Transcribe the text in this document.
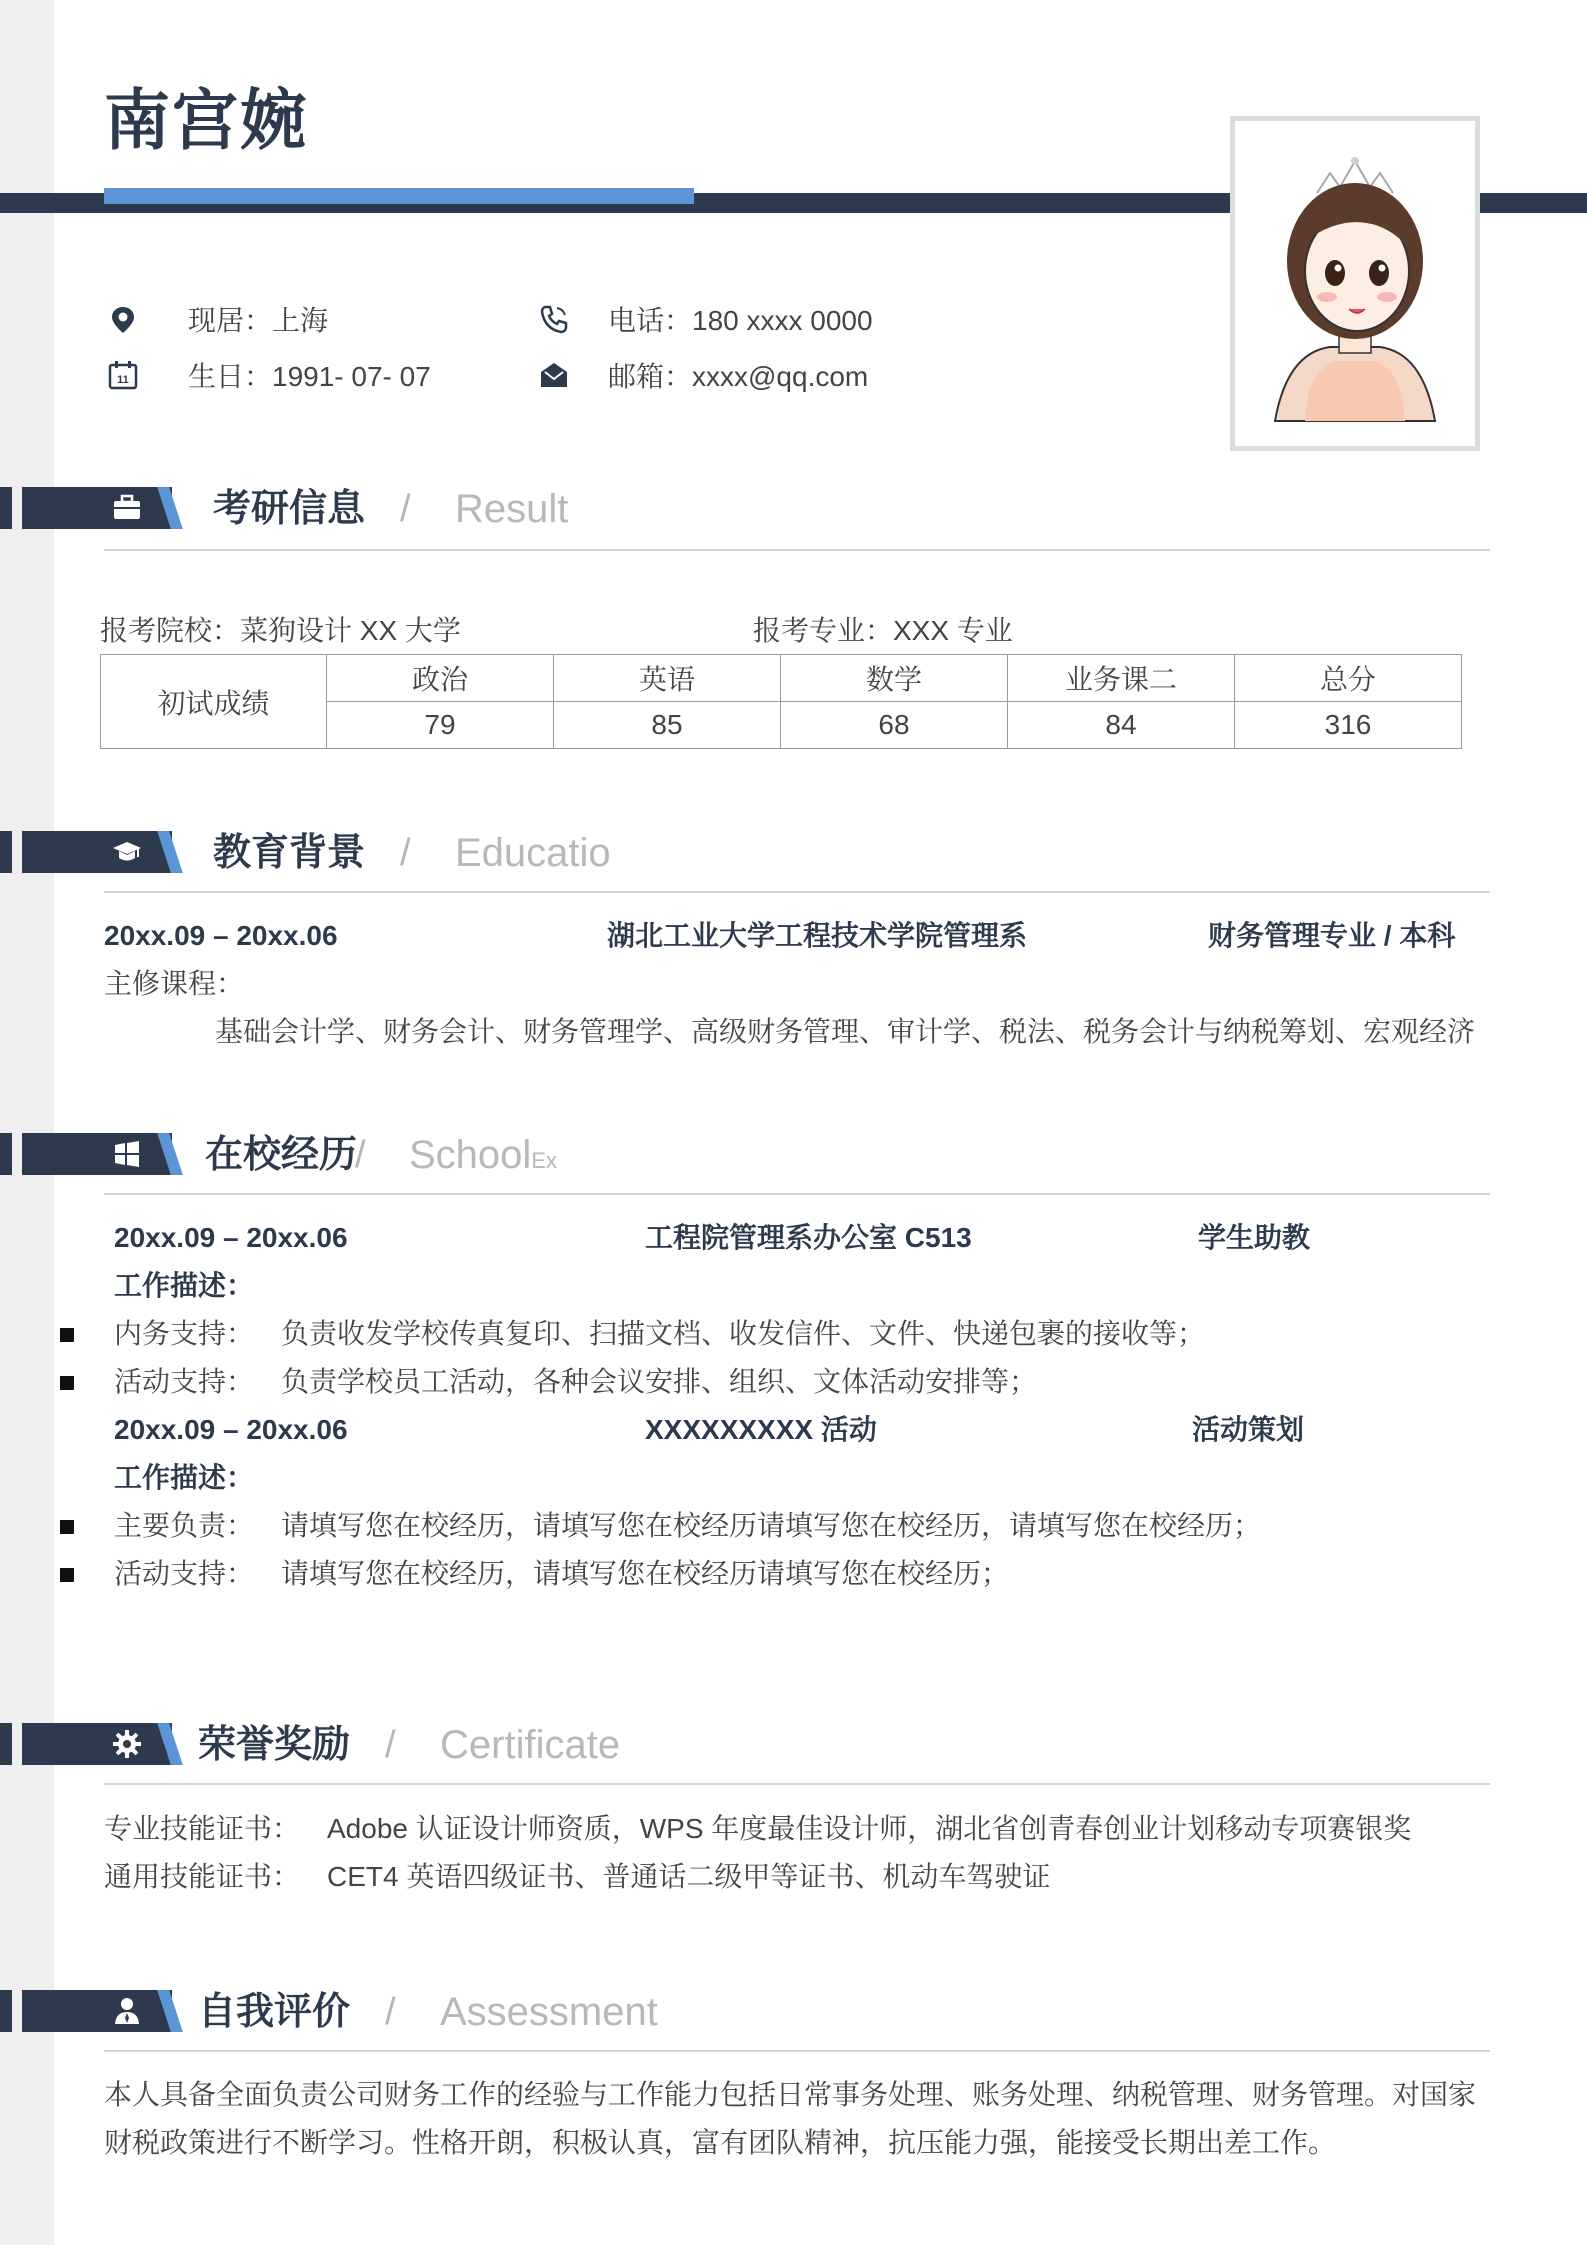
南宫婉
现居：上海
11 生日：1991- 07- 07
电话：180 xxxx 0000
邮箱：xxxx@qq.com
考研信息 / Result
报考院校：菜狗设计 XX 大学	报考专业：XXX 专业
初试成绩	政治	英语	数学	业务课二	总分
	79	85	68	84	316
教育背景 / Educatio
20xx.09 – 20xx.06	湖北工业大学工程技术学院管理系	财务管理专业 / 本科
主修课程：
基础会计学、财务会计、财务管理学、高级财务管理、审计学、税法、税务会计与纳税筹划、宏观经济
在校经历
/ SchoolEx
20xx.09 – 20xx.06	工程院管理系办公室 C513	学生助教
工作描述：
内务支持： 负责收发学校传真复印、扫描文档、收发信件、文件、快递包裹的接收等；
活动支持： 负责学校员工活动，各种会议安排、组织、文体活动安排等；
20xx.09 – 20xx.06	XXXXXXXXX 活动	活动策划
工作描述：
主要负责： 请填写您在校经历，请填写您在校经历请填写您在校经历，请填写您在校经历；
活动支持： 请填写您在校经历，请填写您在校经历请填写您在校经历；
荣誉奖励 / Certificate
专业技能证书： Adobe 认证设计师资质，WPS 年度最佳设计师，湖北省创青春创业计划移动专项赛银奖
通用技能证书： CET4 英语四级证书、普通话二级甲等证书、机动车驾驶证
自我评价 / Assessment
本人具备全面负责公司财务工作的经验与工作能力包括日常事务处理、账务处理、纳税管理、财务管理。对国家
财税政策进行不断学习。性格开朗，积极认真，富有团队精神，抗压能力强，能接受长期出差工作。
